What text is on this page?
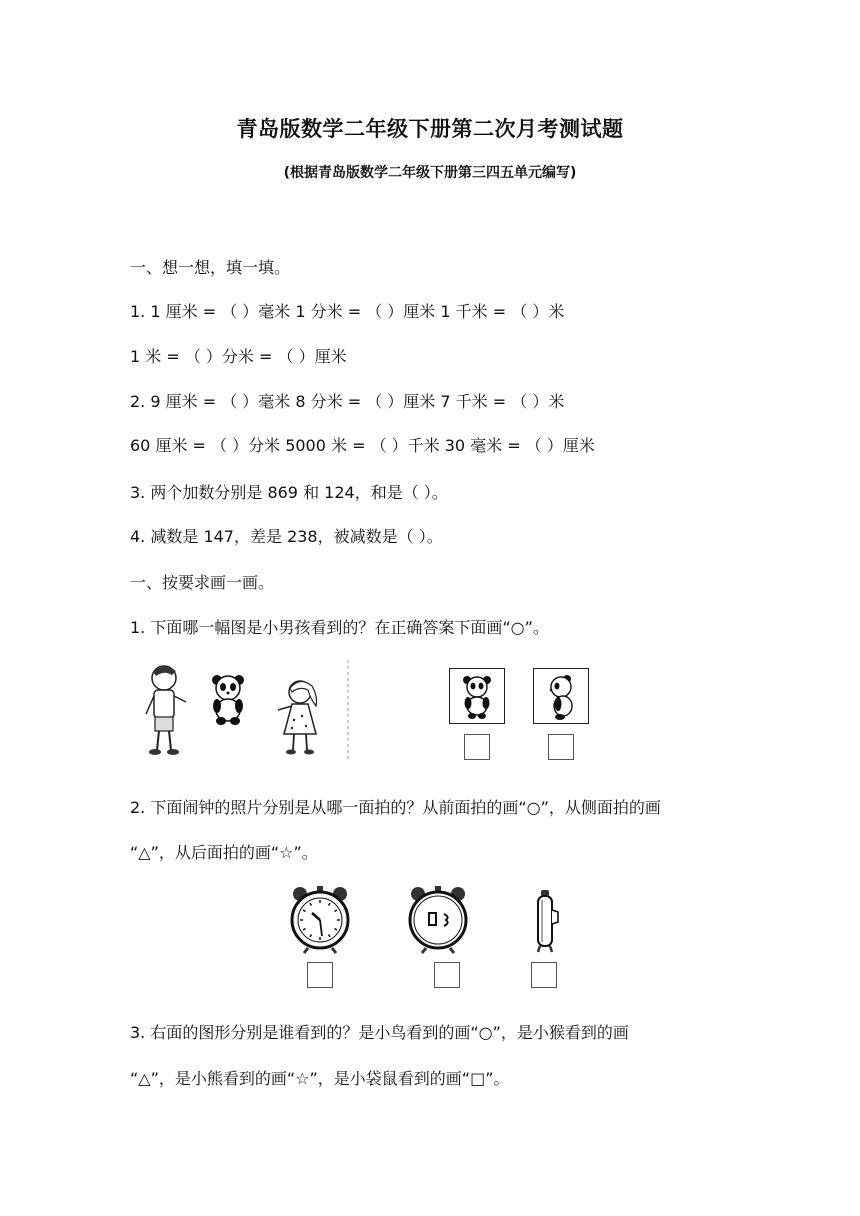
青岛版数学二年级下册第二次月考测试题
(根据青岛版数学二年级下册第三四五单元编写)
一、想一想，填一填。
1. 1 厘米 = （ ）毫米 1 分米 = （ ）厘米 1 千米 = （ ）米
1 米 = （ ）分米 = （ ）厘米
2. 9 厘米 = （ ）毫米 8 分米 = （ ）厘米 7 千米 = （ ）米
60 厘米 = （ ）分米 5000 米 = （ ）千米 30 毫米 = （ ）厘米
3. 两个加数分别是 869 和 124，和是（ ）。
4. 减数是 147，差是 238，被减数是（ ）。
一、按要求画一画。
1. 下面哪一幅图是小男孩看到的？在正确答案下面画“○”。
2. 下面闹钟的照片分别是从哪一面拍的？从前面拍的画“○”，从侧面拍的画
“△”，从后面拍的画“☆”。
3. 右面的图形分别是谁看到的？是小鸟看到的画“○”，是小猴看到的画
“△”，是小熊看到的画“☆”，是小袋鼠看到的画“□”。
